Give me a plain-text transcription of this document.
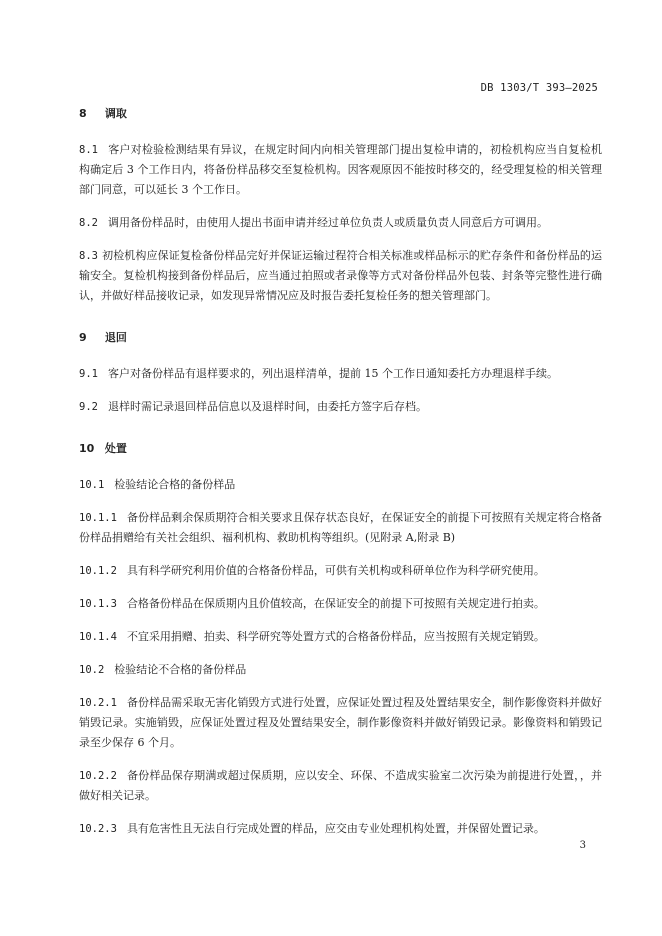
DB 1303/T 393—2025
8 调取

8.1 客户对检验检测结果有异议，在规定时间内向相关管理部门提出复检申请的，初检机构应当自复检机构确定后 3 个工作日内，将备份样品移交至复检机构。因客观原因不能按时移交的，经受理复检的相关管理部门同意，可以延长 3 个工作日。

8.2 调用备份样品时，由使用人提出书面申请并经过单位负责人或质量负责人同意后方可调用。

8.3 初检机构应保证复检备份样品完好并保证运输过程符合相关标准或样品标示的贮存条件和备份样品的运输安全。复检机构接到备份样品后，应当通过拍照或者录像等方式对备份样品外包装、封条等完整性进行确认，并做好样品接收记录，如发现异常情况应及时报告委托复检任务的想关管理部门。

9 退回

9.1 客户对备份样品有退样要求的，列出退样清单，提前 15 个工作日通知委托方办理退样手续。

9.2 退样时需记录退回样品信息以及退样时间，由委托方签字后存档。

10 处置

10.1 检验结论合格的备份样品

10.1.1 备份样品剩余保质期符合相关要求且保存状态良好，在保证安全的前提下可按照有关规定将合格备份样品捐赠给有关社会组织、福利机构、救助机构等组织。(见附录 A,附录 B)

10.1.2 具有科学研究利用价值的合格备份样品，可供有关机构或科研单位作为科学研究使用。

10.1.3 合格备份样品在保质期内且价值较高，在保证安全的前提下可按照有关规定进行拍卖。

10.1.4 不宜采用捐赠、拍卖、科学研究等处置方式的合格备份样品，应当按照有关规定销毁。

10.2 检验结论不合格的备份样品

10.2.1 备份样品需采取无害化销毁方式进行处置，应保证处置过程及处置结果安全，制作影像资料并做好销毁记录。实施销毁，应保证处置过程及处置结果安全，制作影像资料并做好销毁记录。影像资料和销毁记录至少保存 6 个月。

10.2.2 备份样品保存期满或超过保质期，应以安全、环保、不造成实验室二次污染为前提进行处置，，并做好相关记录。

10.2.3 具有危害性且无法自行完成处置的样品，应交由专业处理机构处置，并保留处置记录。

3
